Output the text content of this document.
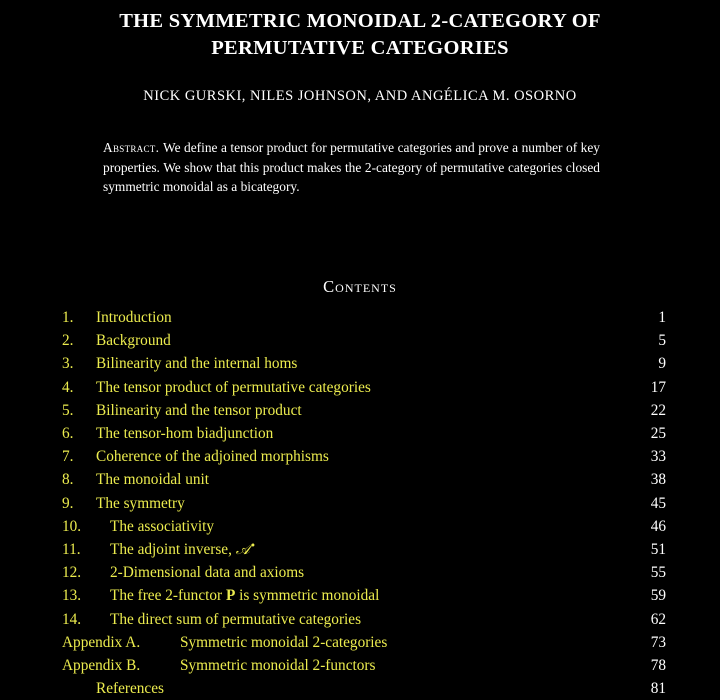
THE SYMMETRIC MONOIDAL 2-CATEGORY OF PERMUTATIVE CATEGORIES
NICK GURSKI, NILES JOHNSON, AND ANGÉLICA M. OSORNO
Abstract. We define a tensor product for permutative categories and prove a number of key properties. We show that this product makes the 2-category of permutative categories closed symmetric monoidal as a bicategory.
Contents
1.	Introduction	1
2.	Background	5
3.	Bilinearity and the internal homs	9
4.	The tensor product of permutative categories	17
5.	Bilinearity and the tensor product	22
6.	The tensor-hom biadjunction	25
7.	Coherence of the adjoined morphisms	33
8.	The monoidal unit	38
9.	The symmetry	45
10.	The associativity	46
11.	The adjoint inverse, 𝒜•	51
12.	2-Dimensional data and axioms	55
13.	The free 2-functor P is symmetric monoidal	59
14.	The direct sum of permutative categories	62
Appendix A.	Symmetric monoidal 2-categories	73
Appendix B.	Symmetric monoidal 2-functors	78
References	81
